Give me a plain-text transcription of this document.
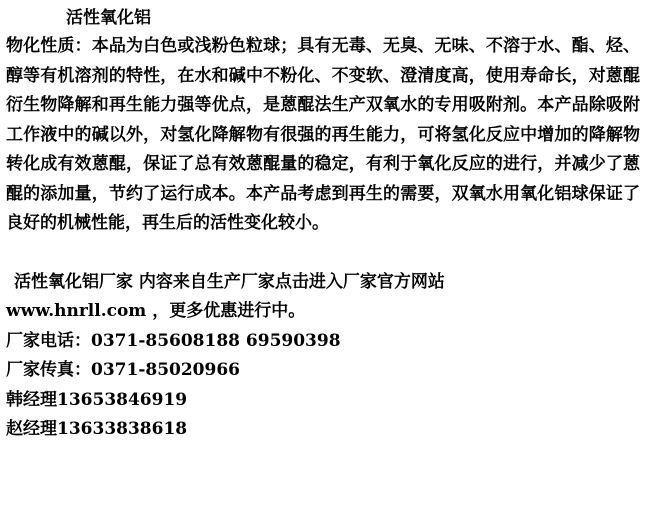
活性氧化铝

物化性质：本品为白色或浅粉色粒球；具有无毒、无臭、无味、不溶于水、酯、烃、醇等有机溶剂的特性，在水和碱中不粉化、不变软、澄清度高，使用寿命长，对蒽醌衍生物降解和再生能力强等优点，是蒽醌法生产双氧水的专用吸附剂。本产品除吸附工作液中的碱以外，对氢化降解物有很强的再生能力，可将氢化反应中增加的降解物转化成有效蒽醌，保证了总有效蒽醌量的稳定，有利于氧化反应的进行，并减少了蒽醌的添加量，节约了运行成本。本产品考虑到再生的需要，双氧水用氧化铝球保证了良好的机械性能，再生后的活性变化较小。

活性氧化铝厂家 内容来自生产厂家点击进入厂家官方网站

www.hnrll.com ，更多优惠进行中。

厂家电话：0371-85608188 69590398

厂家传真：0371-85020966

韩经理13653846919

赵经理13633838618
